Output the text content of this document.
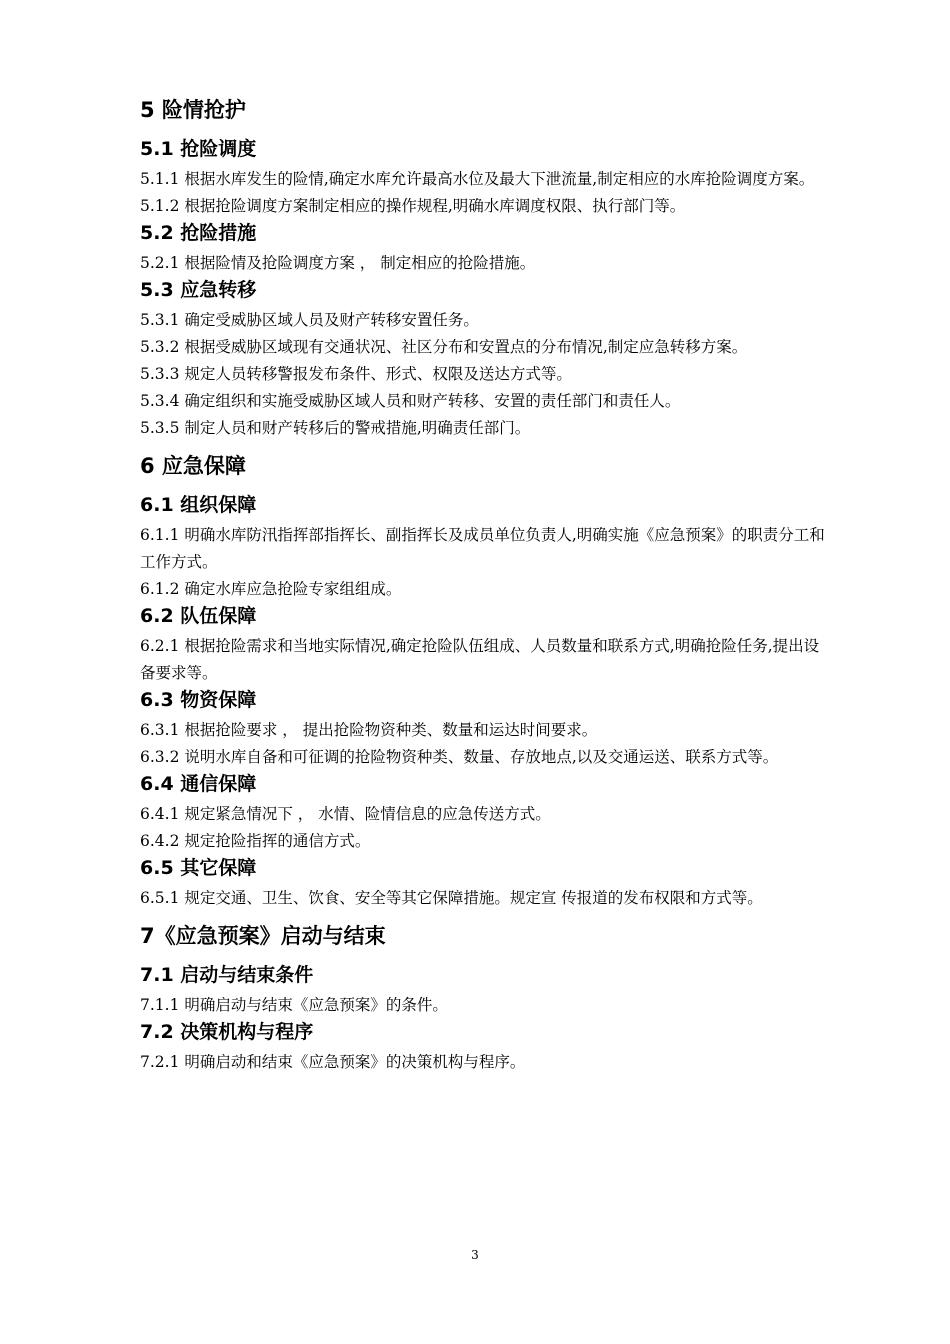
5 险情抢护
5.1 抢险调度

5.1.1 根据水库发生的险情,确定水库允许最高水位及最大下泄流量,制定相应的水库抢险调度方案。

5.1.2 根据抢险调度方案制定相应的操作规程,明确水库调度权限、执行部门等。

5.2 抢险措施

5.2.1 根据险情及抢险调度方案 ， 制定相应的抢险措施。

5.3 应急转移

5.3.1 确定受威胁区域人员及财产转移安置任务。

5.3.2 根据受威胁区域现有交通状况、社区分布和安置点的分布情况,制定应急转移方案。

5.3.3 规定人员转移警报发布条件、形式、权限及送达方式等。

5.3.4 确定组织和实施受威胁区域人员和财产转移、安置的责任部门和责任人。

5.3.5 制定人员和财产转移后的警戒措施,明确责任部门。

6 应急保障
6.1 组织保障

6.1.1 明确水库防汛指挥部指挥长、副指挥长及成员单位负责人,明确实施《应急预案》的职责分工和工作方式。

6.1.2 确定水库应急抢险专家组组成。

6.2 队伍保障

6.2.1 根据抢险需求和当地实际情况,确定抢险队伍组成、人员数量和联系方式,明确抢险任务,提出设备要求等。

6.3 物资保障

6.3.1 根据抢险要求 ， 提出抢险物资种类、数量和运达时间要求。

6.3.2 说明水库自备和可征调的抢险物资种类、数量、存放地点,以及交通运送、联系方式等。

6.4 通信保障

6.4.1 规定紧急情况下 ， 水情、险情信息的应急传送方式。

6.4.2 规定抢险指挥的通信方式。

6.5 其它保障

6.5.1 规定交通、卫生、饮食、安全等其它保障措施。规定宣 传报道的发布权限和方式等。

7《应急预案》启动与结束
7.1 启动与结束条件

7.1.1 明确启动与结束《应急预案》的条件。

7.2 决策机构与程序

7.2.1 明确启动和结束《应急预案》的决策机构与程序。

3
